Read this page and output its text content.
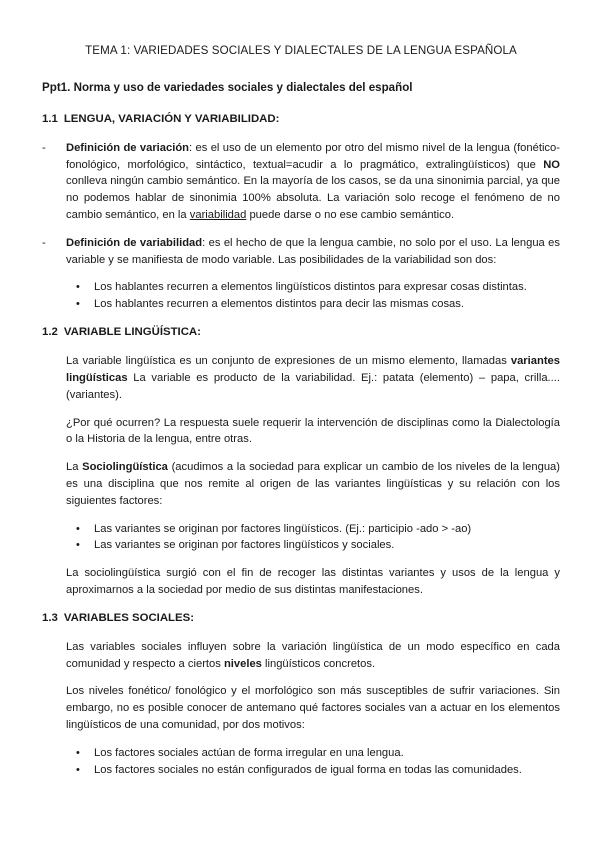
TEMA 1: VARIEDADES SOCIALES Y DIALECTALES DE LA LENGUA ESPAÑOLA
Ppt1. Norma y uso de variedades sociales y dialectales del español
1.1 LENGUA, VARIACIÓN Y VARIABILIDAD:
- Definición de variación: es el uso de un elemento por otro del mismo nivel de la lengua (fonético-fonológico, morfológico, sintáctico, textual=acudir a lo pragmático, extralingüísticos) que NO conlleva ningún cambio semántico. En la mayoría de los casos, se da una sinonimia parcial, ya que no podemos hablar de sinonimia 100% absoluta. La variación solo recoge el fenómeno de no cambio semántico, en la variabilidad puede darse o no ese cambio semántico.
- Definición de variabilidad: es el hecho de que la lengua cambie, no solo por el uso. La lengua es variable y se manifiesta de modo variable. Las posibilidades de la variabilidad son dos:
• Los hablantes recurren a elementos lingüísticos distintos para expresar cosas distintas.
• Los hablantes recurren a elementos distintos para decir las mismas cosas.
1.2 VARIABLE LINGÜÍSTICA:
La variable lingüística es un conjunto de expresiones de un mismo elemento, llamadas variantes lingüísticas La variable es producto de la variabilidad. Ej.: patata (elemento) – papa, crilla.... (variantes).
¿Por qué ocurren? La respuesta suele requerir la intervención de disciplinas como la Dialectología o la Historia de la lengua, entre otras.
La Sociolingüística (acudimos a la sociedad para explicar un cambio de los niveles de la lengua) es una disciplina que nos remite al origen de las variantes lingüísticas y su relación con los siguientes factores:
• Las variantes se originan por factores lingüísticos. (Ej.: participio -ado > -ao)
• Las variantes se originan por factores lingüísticos y sociales.
La sociolingüística surgió con el fin de recoger las distintas variantes y usos de la lengua y aproximarnos a la sociedad por medio de sus distintas manifestaciones.
1.3 VARIABLES SOCIALES:
Las variables sociales influyen sobre la variación lingüística de un modo específico en cada comunidad y respecto a ciertos niveles lingüísticos concretos.
Los niveles fonético/ fonológico y el morfológico son más susceptibles de sufrir variaciones. Sin embargo, no es posible conocer de antemano qué factores sociales van a actuar en los elementos lingüísticos de una comunidad, por dos motivos:
• Los factores sociales actúan de forma irregular en una lengua.
• Los factores sociales no están configurados de igual forma en todas las comunidades.
